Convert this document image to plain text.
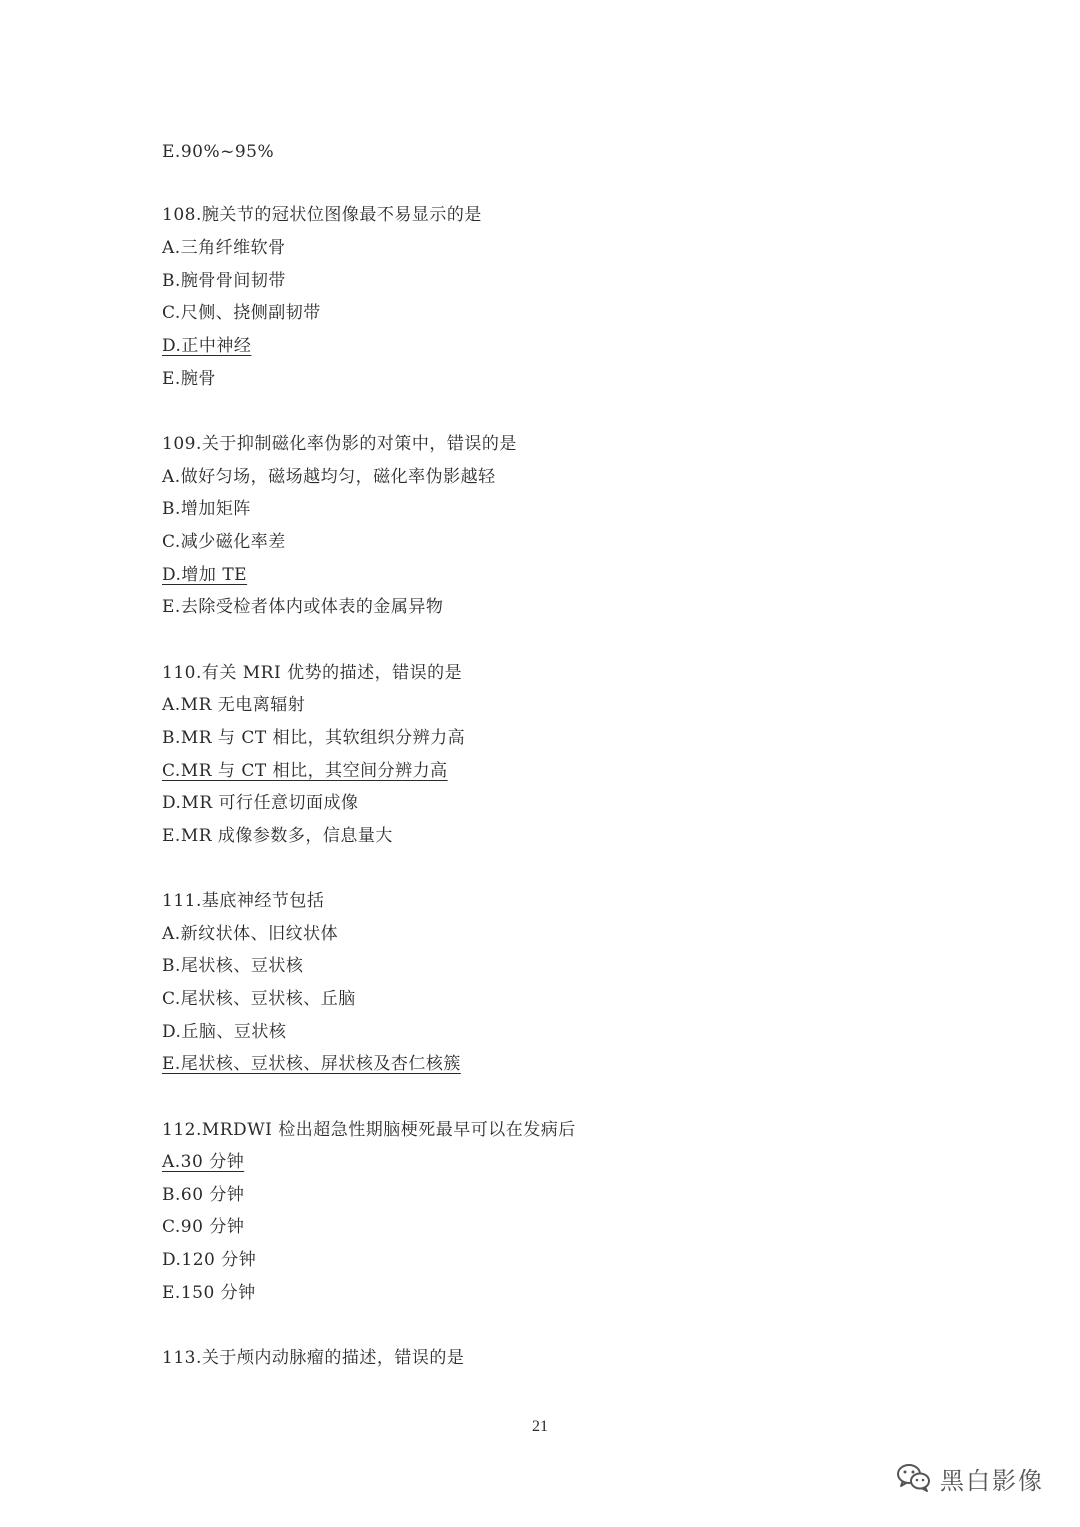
E.90%~95%
108.腕关节的冠状位图像最不易显示的是
A.三角纤维软骨
B.腕骨骨间韧带
C.尺侧、挠侧副韧带
D.正中神经
E.腕骨
109.关于抑制磁化率伪影的对策中，错误的是
A.做好匀场，磁场越均匀，磁化率伪影越轻
B.增加矩阵
C.减少磁化率差
D.增加 TE
E.去除受检者体内或体表的金属异物
110.有关 MRI 优势的描述，错误的是
A.MR 无电离辐射
B.MR 与 CT 相比，其软组织分辨力高
C.MR 与 CT 相比，其空间分辨力高
D.MR 可行任意切面成像
E.MR 成像参数多，信息量大
111.基底神经节包括
A.新纹状体、旧纹状体
B.尾状核、豆状核
C.尾状核、豆状核、丘脑
D.丘脑、豆状核
E.尾状核、豆状核、屏状核及杏仁核簇
112.MRDWI 检出超急性期脑梗死最早可以在发病后
A.30 分钟
B.60 分钟
C.90 分钟
D.120 分钟
E.150 分钟
113.关于颅内动脉瘤的描述，错误的是
21
黑白影像
